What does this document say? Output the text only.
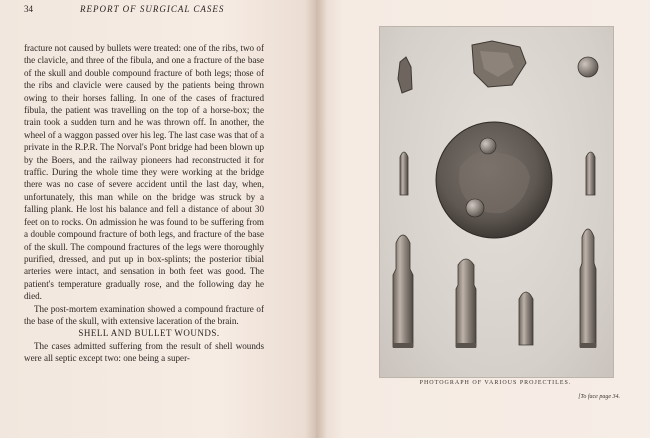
34	REPORT OF SURGICAL CASES

fracture not caused by bullets were treated: one of the ribs, two of the clavicle, and three of the fibula, and one a fracture of the base of the skull and double compound fracture of both legs; those of the ribs and clavicle were caused by the patients being thrown owing to their horses falling. In one of the cases of fractured fibula, the patient was travelling on the top of a horse-box; the train took a sudden turn and he was thrown off. In another, the wheel of a waggon passed over his leg. The last case was that of a private in the R.P.R. The Norval's Pont bridge had been blown up by the Boers, and the railway pioneers had reconstructed it for traffic. During the whole time they were working at the bridge there was no case of severe accident until the last day, when, unfortunately, this man while on the bridge was struck by a falling plank. He lost his balance and fell a distance of about 30 feet on to rocks. On admission he was found to be suffering from a double compound fracture of both legs, and fracture of the base of the skull. The compound fractures of the legs were thoroughly purified, dressed, and put up in box-splints; the posterior tibial arteries were intact, and sensation in both feet was good. The patient's temperature gradually rose, and the following day he died.

The post-mortem examination showed a compound fracture of the base of the skull, with extensive laceration of the brain.

SHELL AND BULLET WOUNDS.

The cases admitted suffering from the result of shell wounds were all septic except two: one being a super-

PHOTOGRAPH OF VARIOUS PROJECTILES.
[To face page 34.
